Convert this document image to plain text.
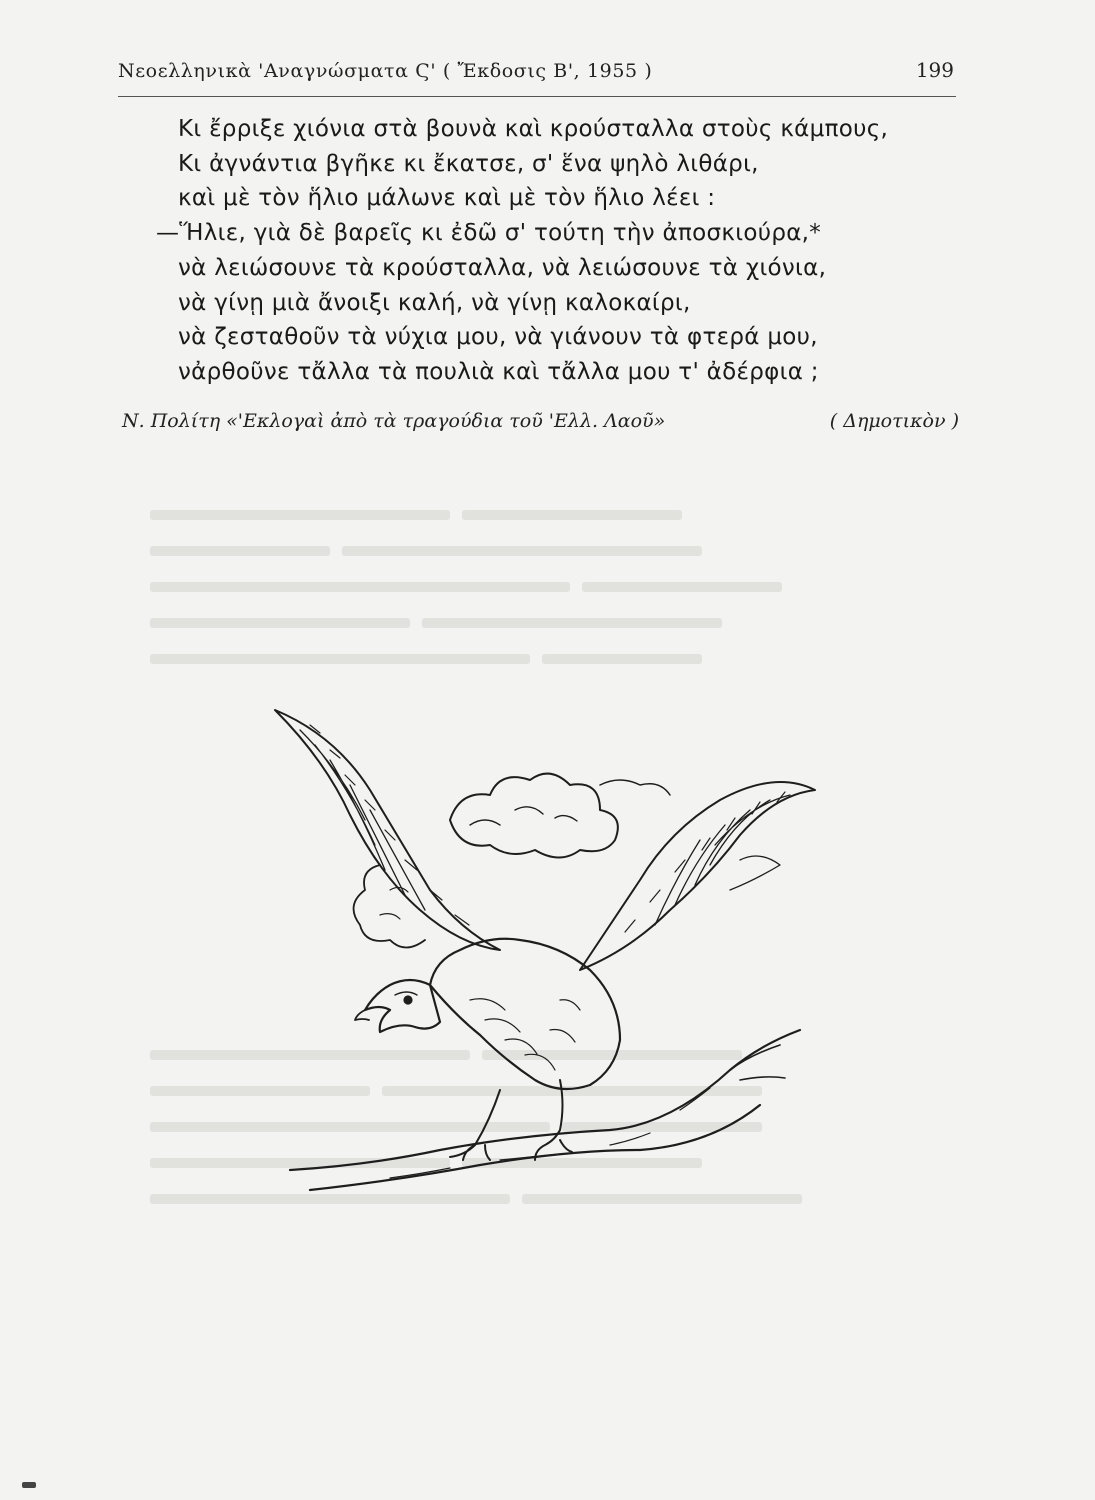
Νεοελληνικὰ 'Αναγνώσματα Ϛ' ( Ἔκδοσις Β', 1955 )	199
Κι ἔρριξε χιόνια στὰ βουνὰ καὶ κρούσταλλα στοὺς κάμπους,
Κι ἀγνάντια βγῆκε κι ἔκατσε, σ' ἕνα ψηλὸ λιθάρι,
καὶ μὲ τὸν ἥλιο μάλωνε καὶ μὲ τὸν ἥλιο λέει :
—Ἥλιε, γιὰ δὲ βαρεῖς κι ἐδῶ σ' τούτη τὴν ἀποσκιούρα,*
νὰ λειώσουνε τὰ κρούσταλλα, νὰ λειώσουνε τὰ χιόνια,
νὰ γίνῃ μιὰ ἄνοιξι καλή, νὰ γίνῃ καλοκαίρι,
νὰ ζεσταθοῦν τὰ νύχια μου, νὰ γιάνουν τὰ φτερά μου,
νἀρθοῦνε τἄλλα τὰ πουλιὰ καὶ τἄλλα μου τ' ἀδέρφια ;
Ν. Πολίτη «'Εκλογαὶ ἀπὸ τὰ τραγούδια τοῦ 'Ελλ. Λαοῦ»	( Δημοτικὸν )
